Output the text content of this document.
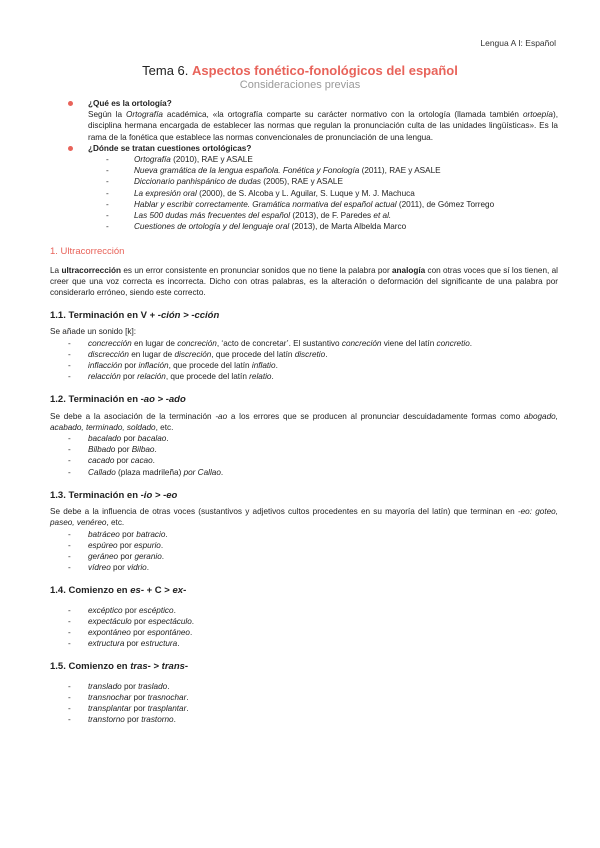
Lengua A I: Español
Tema 6. Aspectos fonético-fonológicos del español
Consideraciones previas
¿Qué es la ortología?
Según la Ortografía académica, «la ortografía comparte su carácter normativo con la ortología (llamada también ortoepía), disciplina hermana encargada de establecer las normas que regulan la pronunciación culta de las unidades lingüísticas». Es la rama de la fonética que establece las normas convencionales de pronunciación de una lengua.
¿Dónde se tratan cuestiones ortológicas?
-	Ortografía (2010), RAE y ASALE
-	Nueva gramática de la lengua española. Fonética y Fonología (2011), RAE y ASALE
-	Diccionario panhispánico de dudas (2005), RAE y ASALE
-	La expresión oral (2000), de S. Alcoba y L. Aguilar, S. Luque y M. J. Machuca
-	Hablar y escribir correctamente. Gramática normativa del español actual (2011), de Gómez Torrego
-	Las 500 dudas más frecuentes del español (2013), de F. Paredes et al.
-	Cuestiones de ortología y del lenguaje oral (2013), de Marta Albelda Marco
1. Ultracorrección
La ultracorrección es un error consistente en pronunciar sonidos que no tiene la palabra por analogía con otras voces que sí los tienen, al creer que una voz correcta es incorrecta. Dicho con otras palabras, es la alteración o deformación del significante de una palabra por considerarlo erróneo, siendo este correcto.
1.1. Terminación en V + -ción > -cción
Se añade un sonido [k]:
- concrección en lugar de concreción, ‘acto de concretar’. El sustantivo concreción viene del latín concretio.
- discrección en lugar de discreción, que procede del latín discretio.
- inflacción por inflación, que procede del latín inflatio.
- relacción por relación, que procede del latín relatio.
1.2. Terminación en -ao > -ado
Se debe a la asociación de la terminación -ao a los errores que se producen al pronunciar descuidadamente formas como abogado, acabado, terminado, soldado, etc.
- bacalado por bacalao.
- Bilbado por Bilbao.
- cacado por cacao.
- Callado (plaza madrileña) por Callao.
1.3. Terminación en -io > -eo
Se debe a la influencia de otras voces (sustantivos y adjetivos cultos procedentes en su mayoría del latín) que terminan en -eo: goteo, paseo, venéreo, etc.
- batráceo por batracio.
- espúreo por espurio.
- geráneo por geranio.
- vídreo por vidrio.
1.4. Comienzo en es- + C > ex-
- excéptico por escéptico.
- expectáculo por espectáculo.
- expontáneo por espontáneo.
- extructura por estructura.
1.5. Comienzo en tras- > trans-
- translado por traslado.
- transnochar por trasnochar.
- transplantar por trasplantar.
- transtorno por trastorno.
